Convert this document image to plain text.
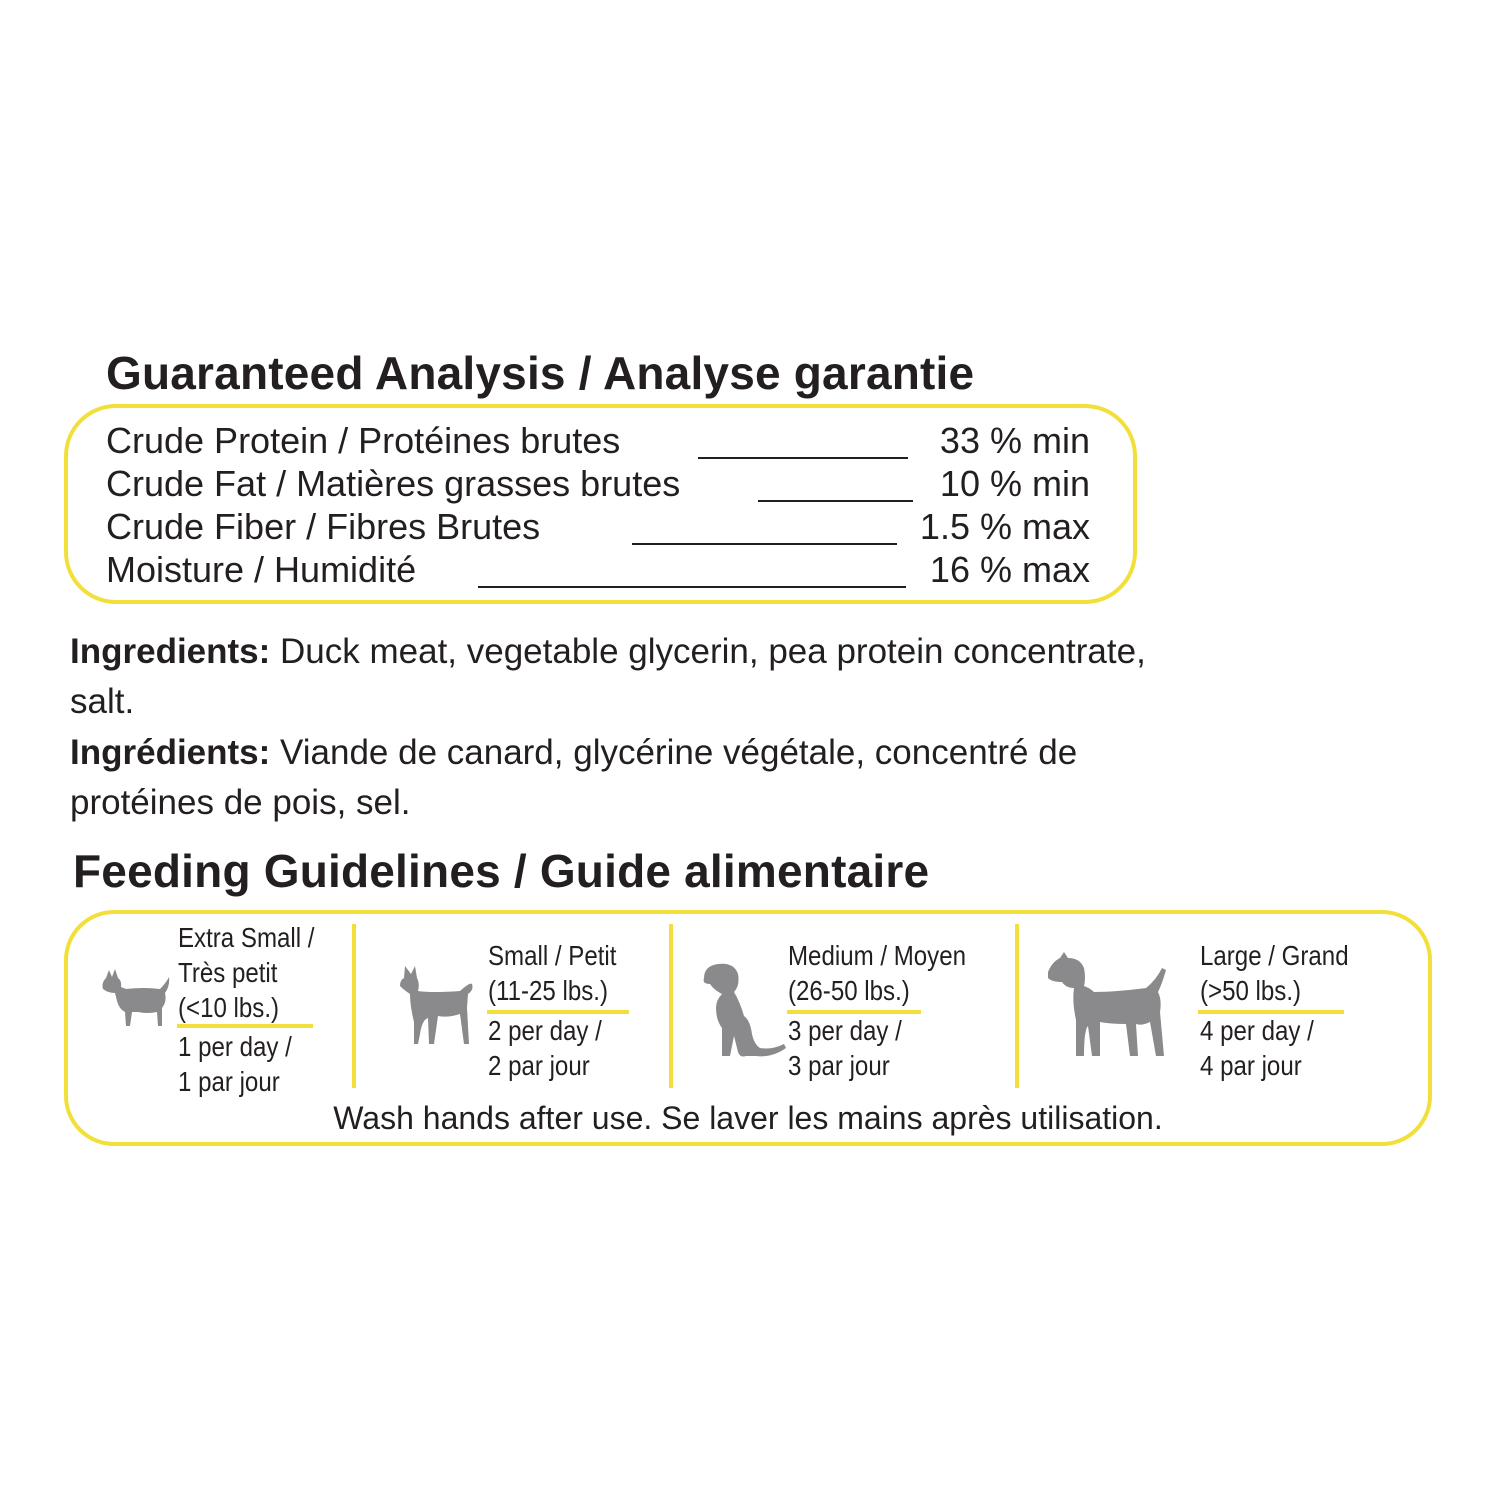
Guaranteed Analysis / Analyse garantie
Crude Protein / Protéines brutes	33 % min
Crude Fat / Matières grasses brutes	10 % min
Crude Fiber / Fibres Brutes	1.5 % max
Moisture / Humidité	16 % max
Ingredients: Duck meat, vegetable glycerin, pea protein concentrate, salt.
Ingrédients: Viande de canard, glycérine végétale, concentré de protéines de pois, sel.
Feeding Guidelines / Guide alimentaire
Extra Small /
Très petit
(<10 lbs.)
1 per day /
1 par jour
Small / Petit
(11-25 lbs.)
2 per day /
2 par jour
Medium / Moyen
(26-50 lbs.)
3 per day /
3 par jour
Large / Grand
(>50 lbs.)
4 per day /
4 par jour
Wash hands after use. Se laver les mains après utilisation.
